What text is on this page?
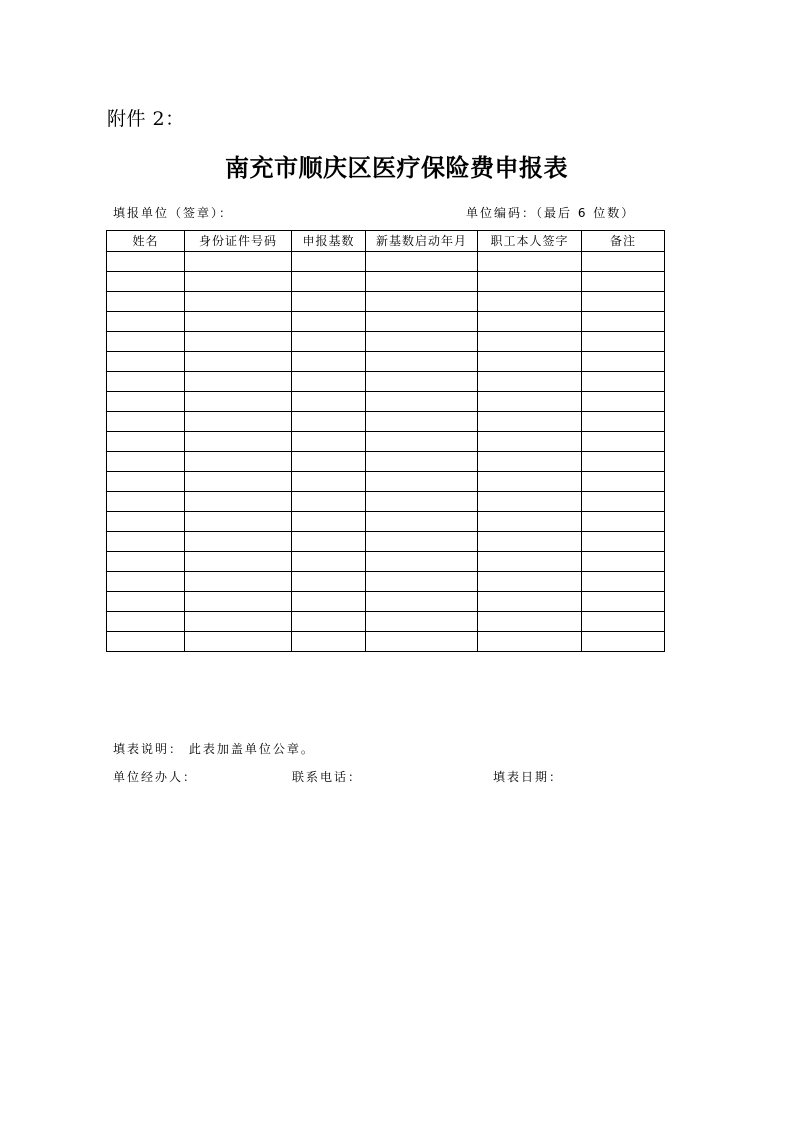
附件 2：
南充市顺庆区医疗保险费申报表
填报单位（签章）：	单位编码：（最后 6 位数）
姓名	身份证件号码	申报基数	新基数启动年月	职工本人签字	备注

填表说明： 此表加盖单位公章。
单位经办人：	联系电话：	填表日期：
